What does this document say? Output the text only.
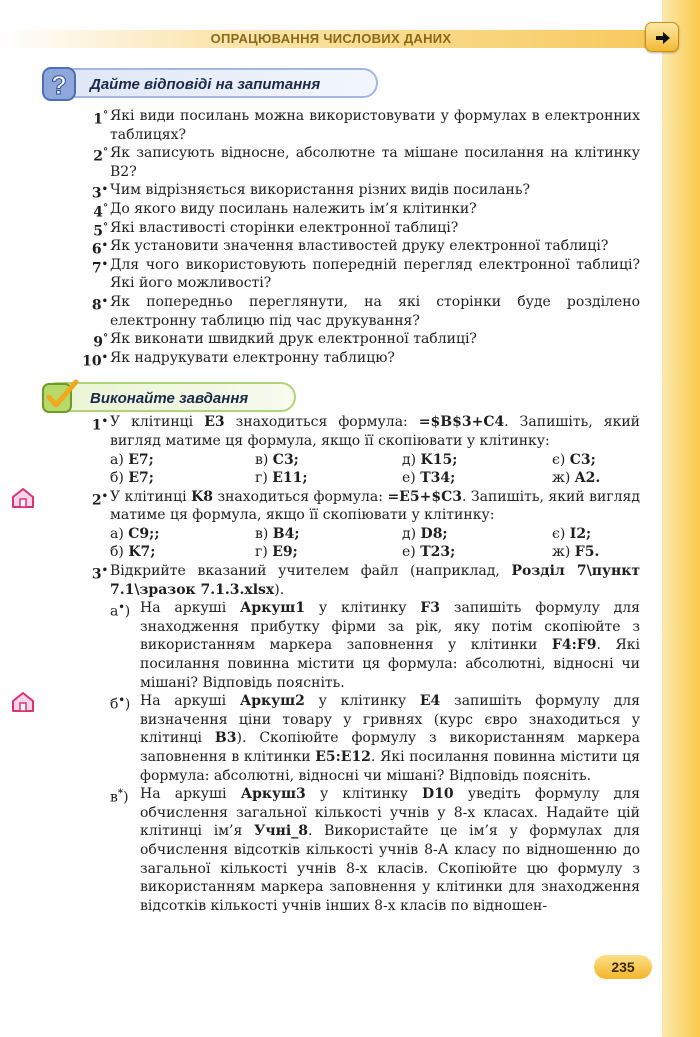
ОПРАЦЮВАННЯ ЧИСЛОВИХ ДАНИХ
? Дайте відповіді на запитання
1° Які види посилань можна використовувати у формулах в електронних таблицях?
2° Як записують відносне, абсолютне та мішане посилання на клітинку B2?
3• Чим відрізняється використання різних видів посилань?
4° До якого виду посилань належить ім’я клітинки?
5° Які властивості сторінки електронної таблиці?
6• Як установити значення властивостей друку електронної таблиці?
7• Для чого використовують попередній перегляд електронної таблиці? Які його можливості?
8• Як попередньо переглянути, на які сторінки буде розділено електронну таблицю під час друкування?
9° Як виконати швидкий друк електронної таблиці?
10• Як надрукувати електронну таблицю?
1• У клітинці E3 знаходиться формула: =$B$3+C4. Запишіть, який вигляд матиме ця формула, якщо її скопіювати у клітинку:
а) E7;	в) C3;	д) K15;	є) C3;
б) E7;	г) E11;	е) T34;	ж) A2.
2• У клітинці K8 знаходиться формула: =E5+$C3. Запишіть, який вигляд матиме ця формула, якщо її скопіювати у клітинку:
а) C9;;	в) B4;	д) D8;	є) I2;
б) K7;	г) E9;	е) T23;	ж) F5.
3• Відкрийте вказаний учителем файл (наприклад, Розділ 7\пункт 7.1\зразок 7.1.3.xlsx).
а•) На аркуші Аркуш1 у клітинку F3 запишіть формулу для знаходження прибутку фірми за рік, яку потім скопіюйте з використанням маркера заповнення у клітинки F4:F9. Які посилання повинна містити ця формула: абсолютні, відносні чи мішані? Відповідь поясніть.
б•) На аркуші Аркуш2 у клітинку E4 запишіть формулу для визначення ціни товару у гривнях (курс євро знаходиться у клітинці B3). Скопіюйте формулу з використанням маркера заповнення в клітинки E5:E12. Які посилання повинна містити ця формула: абсолютні, відносні чи мішані? Відповідь поясніть.
в*) На аркуші Аркуш3 у клітинку D10 уведіть формулу для обчислення загальної кількості учнів у 8-х класах. Надайте цій клітинці ім’я Учні_8. Використайте це ім’я у формулах для обчислення відсотків кількості учнів 8-А класу по відношенню до загальної кількості учнів 8-х класів. Скопіюйте цю формулу з використанням маркера заповнення у клітинки для знаходження відсотків кількості учнів інших 8-х класів по відношен-
Виконайте завдання
235
